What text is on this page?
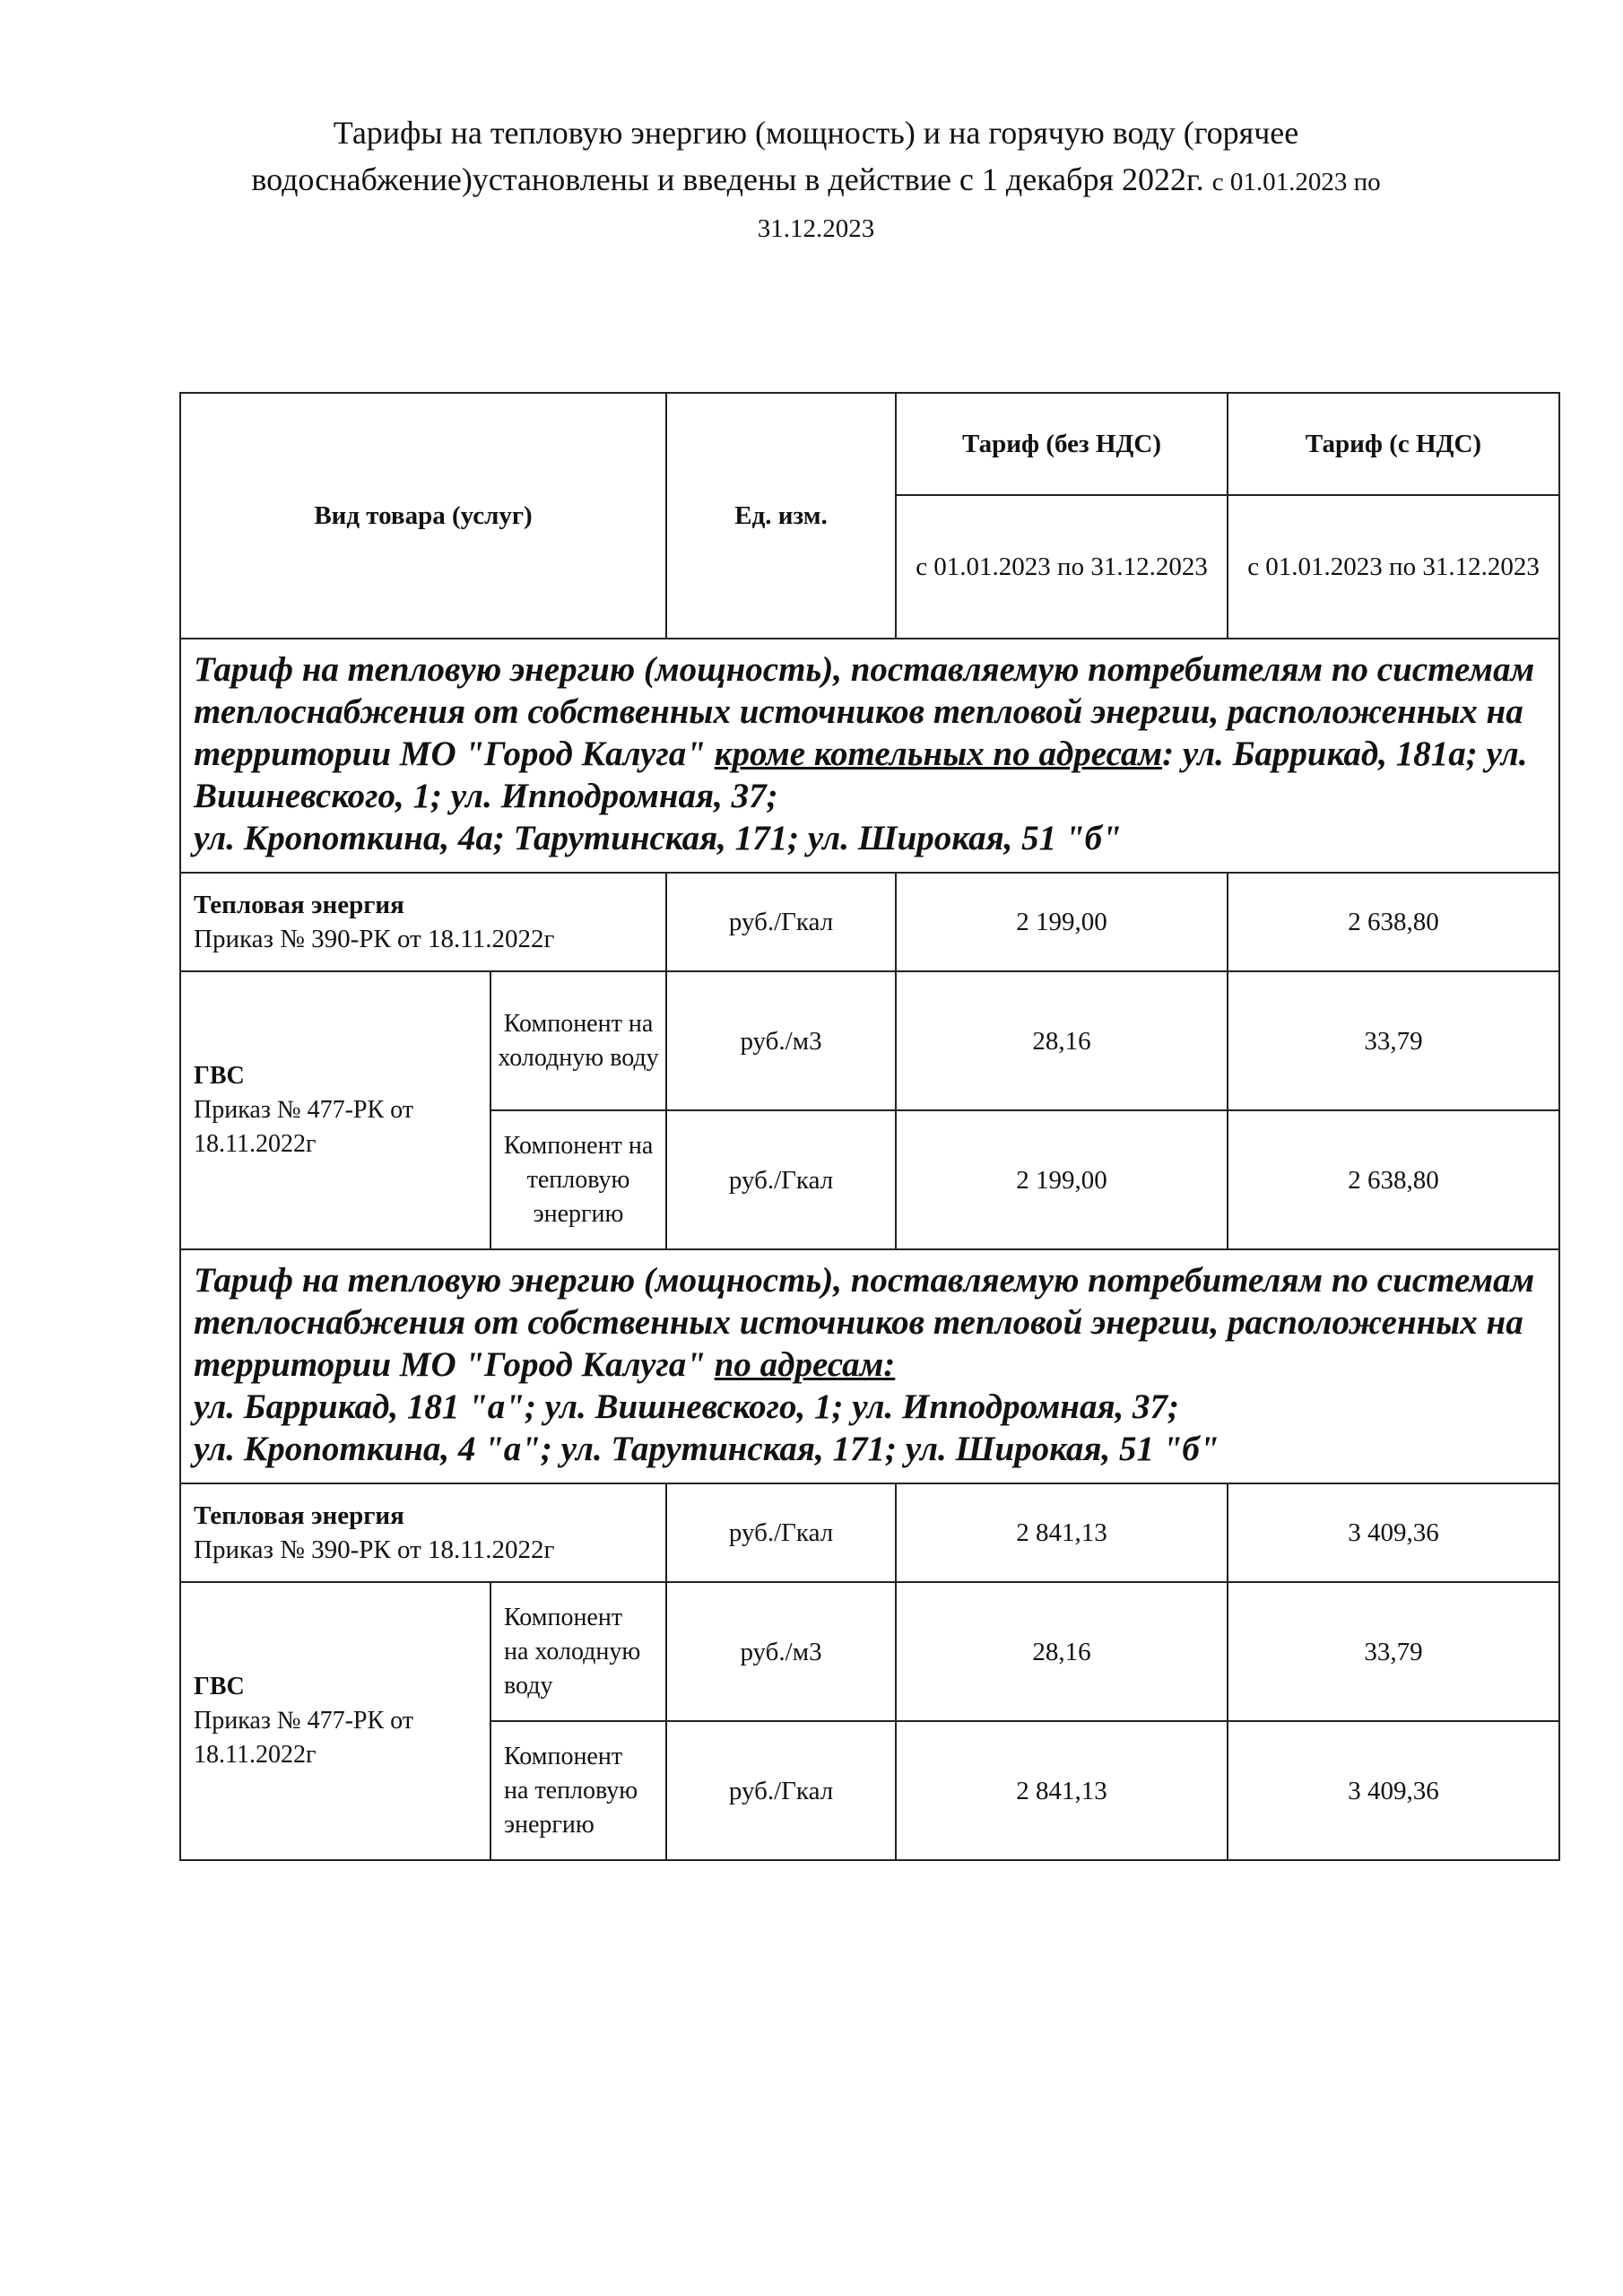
Тарифы на тепловую энергию (мощность) и на горячую воду (горячее
водоснабжение)установлены и введены в действие с 1 декабря 2022г. с 01.01.2023 по
31.12.2023
Вид товара (услуг)		Ед. изм.	Тариф (без НДС)	Тариф (с НДС)
			с 01.01.2023 по 31.12.2023	с 01.01.2023 по 31.12.2023
Тариф на тепловую энергию (мощность), поставляемую потребителям по системам теплоснабжения от собственных источников тепловой энергии, расположенных на территории МО "Город Калуга" кроме котельных по адресам: ул. Баррикад, 181а; ул. Вишневского, 1; ул. Ипподромная, 37;
ул. Кропоткина, 4а; Тарутинская, 171; ул. Широкая, 51 "б"				

Тепловая энергия
Приказ № 390-РК от 18.11.2022г		руб./Гкал	2 199,00	2 638,80

ГВС
Приказ № 477-РК от 18.11.2022г	Компонент на холодную воду	руб./м3	28,16	33,79
	Компонент на тепловую энергию	руб./Гкал	2 199,00	2 638,80
Тариф на тепловую энергию (мощность), поставляемую потребителям по системам теплоснабжения от собственных источников тепловой энергии, расположенных на территории МО "Город Калуга" по адресам:
ул. Баррикад, 181 "а"; ул. Вишневского, 1; ул. Ипподромная, 37;
ул. Кропоткина, 4 "а"; ул. Тарутинская, 171; ул. Широкая, 51 "б"				

Тепловая энергия
Приказ № 390-РК от 18.11.2022г		руб./Гкал	2 841,13	3 409,36

ГВС
Приказ № 477-РК от 18.11.2022г	Компонент на холодную воду	руб./м3	28,16	33,79
	Компонент на тепловую энергию	руб./Гкал	2 841,13	3 409,36
